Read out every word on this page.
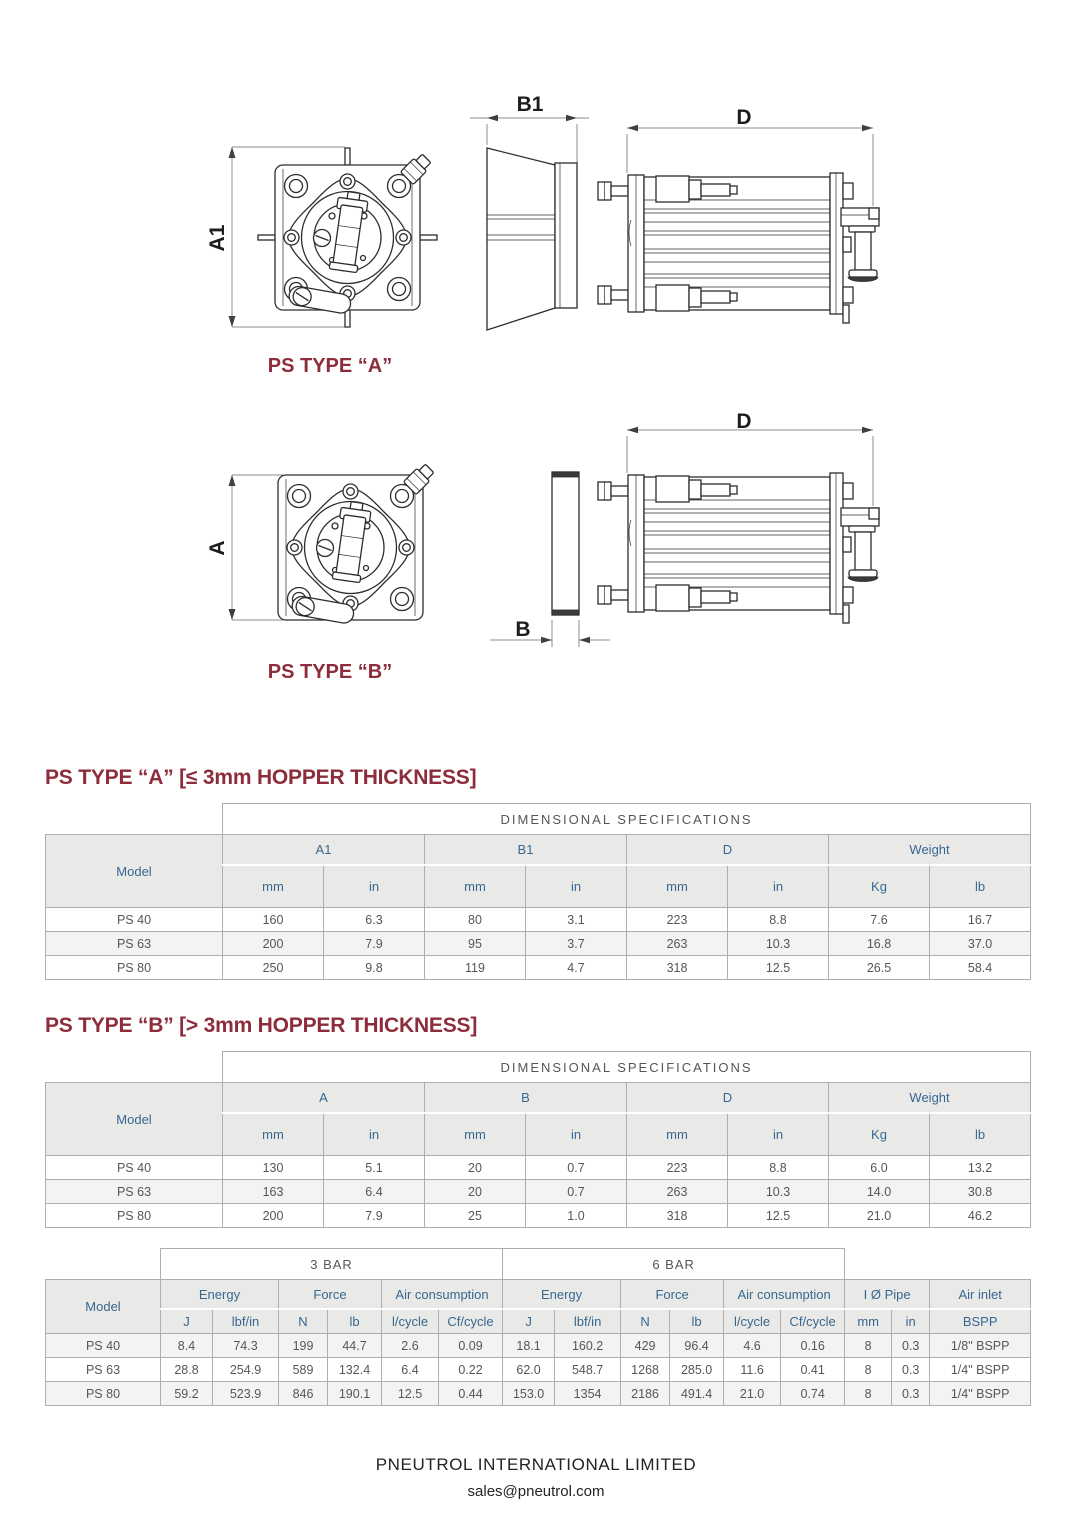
A1
PS TYPE “A”
B1
D
A
PS TYPE “B”
B
D
PS TYPE “A” [≤ 3mm HOPPER THICKNESS]
	DIMENSIONAL SPECIFICATIONS							
Model	A1		B1		D		Weight	
	mm	in	mm	in	mm	in	Kg	lb
PS 40	160	6.3	80	3.1	223	8.8	7.6	16.7
PS 63	200	7.9	95	3.7	263	10.3	16.8	37.0
PS 80	250	9.8	119	4.7	318	12.5	26.5	58.4
PS TYPE “B” [> 3mm HOPPER THICKNESS]
	DIMENSIONAL SPECIFICATIONS							
Model	A		B		D		Weight	
	mm	in	mm	in	mm	in	Kg	lb
PS 40	130	5.1	20	0.7	223	8.8	6.0	13.2
PS 63	163	6.4	20	0.7	263	10.3	14.0	30.8
PS 80	200	7.9	25	1.0	318	12.5	21.0	46.2
	3 BAR						6 BAR								
Model	Energy		Force		Air consumption		Energy		Force		Air consumption		I Ø Pipe		Air inlet
	J	lbf/in	N	lb	l/cycle	Cf/cycle	J	lbf/in	N	lb	l/cycle	Cf/cycle	mm	in	BSPP
PS 40	8.4	74.3	199	44.7	2.6	0.09	18.1	160.2	429	96.4	4.6	0.16	8	0.3	1/8" BSPP
PS 63	28.8	254.9	589	132.4	6.4	0.22	62.0	548.7	1268	285.0	11.6	0.41	8	0.3	1/4" BSPP
PS 80	59.2	523.9	846	190.1	12.5	0.44	153.0	1354	2186	491.4	21.0	0.74	8	0.3	1/4" BSPP
PNEUTROL INTERNATIONAL LIMITED
sales@pneutrol.com
